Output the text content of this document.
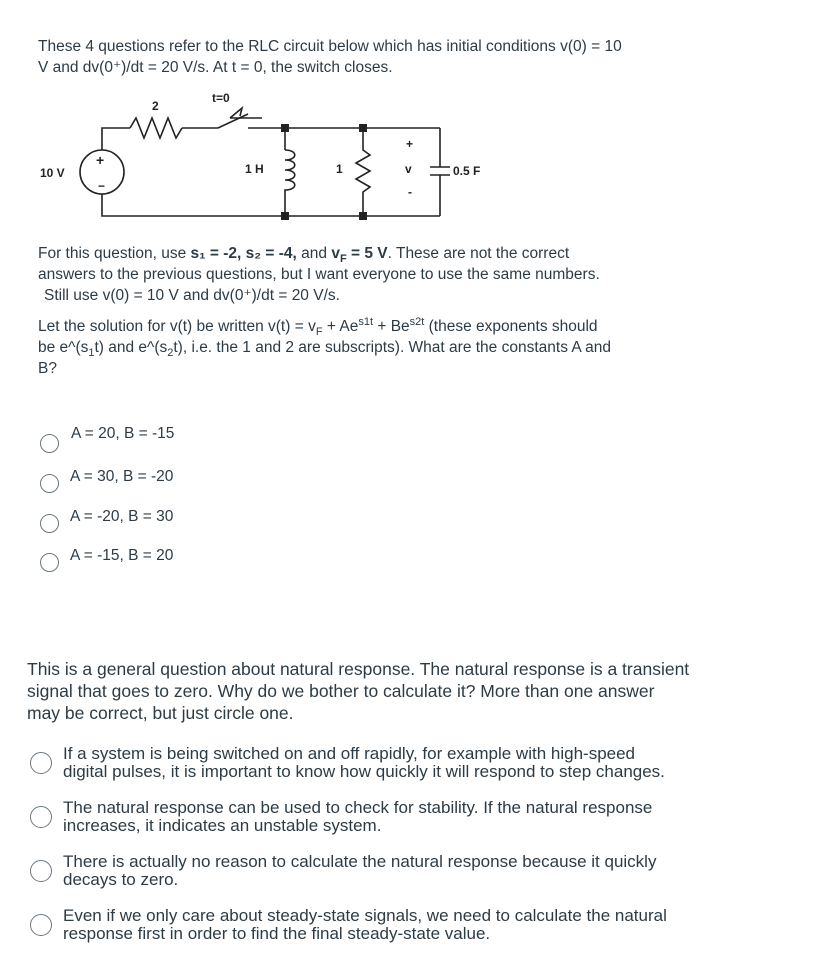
These 4 questions refer to the RLC circuit below which has initial conditions v(0) = 10
V and dv(0⁺)/dt = 20 V/s. At t = 0, the switch closes.
2
t=0
10 V
+
−
1 H	1
+
v
-
0.5 F
For this question, use s₁ = -2, s₂ = -4, and $v_F = 5$ V. These are not the correct
answers to the previous questions, but I want everyone to use the same numbers.
Still use v(0) = 10 V and dv(0⁺)/dt = 20 V/s.
Let the solution for v(t) be written $v(t) = v_F + Ae^{s1t} + Be^{s2t}$ (these exponents should
be $e\^{}(s_1t)$ and $e\^{}(s_2t)$, i.e. the 1 and 2 are subscripts). What are the constants A and
B?
A = 20, B = -15
A = 30, B = -20
A = -20, B = 30
A = -15, B = 20
This is a general question about natural response. The natural response is a transient
signal that goes to zero. Why do we bother to calculate it? More than one answer
may be correct, but just circle one.
If a system is being switched on and off rapidly, for example with high-speed
digital pulses, it is important to know how quickly it will respond to step changes.
The natural response can be used to check for stability. If the natural response
increases, it indicates an unstable system.
There is actually no reason to calculate the natural response because it quickly
decays to zero.
Even if we only care about steady-state signals, we need to calculate the natural
response first in order to find the final steady-state value.
